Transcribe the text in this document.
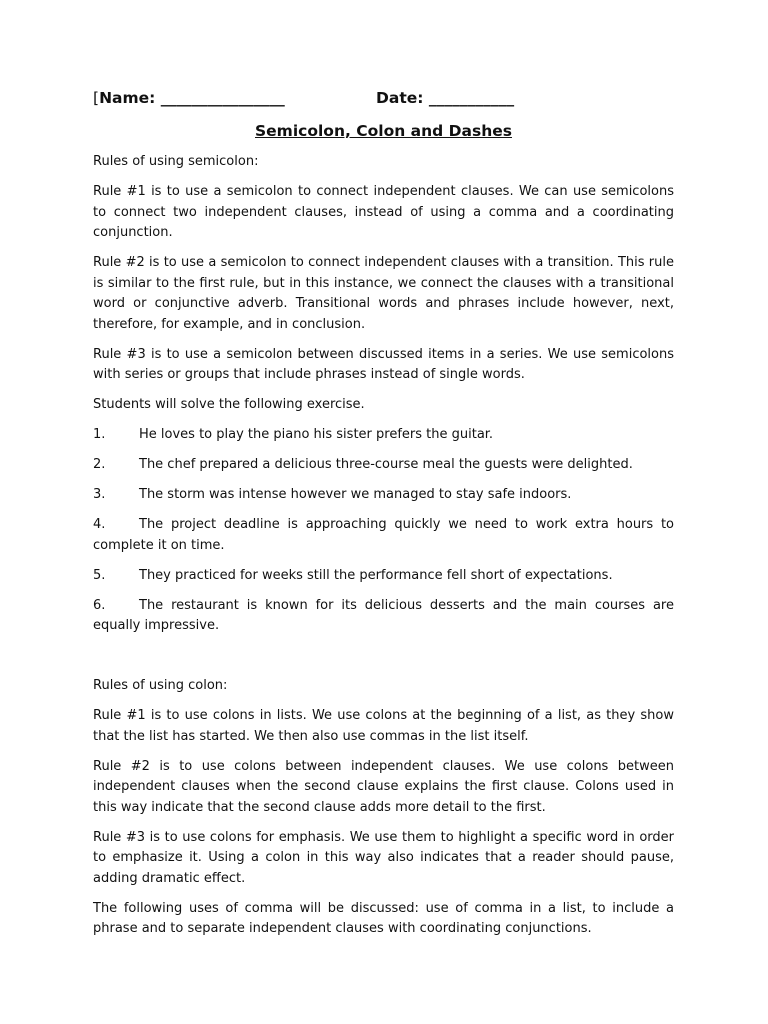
[Name: ________________	Date: ___________
Semicolon, Colon and Dashes

Rules of using semicolon:

Rule #1 is to use a semicolon to connect independent clauses. We can use semicolons to connect two independent clauses, instead of using a comma and a coordinating conjunction.

Rule #2 is to use a semicolon to connect independent clauses with a transition. This rule is similar to the first rule, but in this instance, we connect the clauses with a transitional word or conjunctive adverb. Transitional words and phrases include however, next, therefore, for example, and in conclusion.

Rule #3 is to use a semicolon between discussed items in a series. We use semicolons with series or groups that include phrases instead of single words.

Students will solve the following exercise.

1.	He loves to play the piano his sister prefers the guitar.
2.	The chef prepared a delicious three-course meal the guests were delighted.
3.	The storm was intense however we managed to stay safe indoors.
4.	The project deadline is approaching quickly we need to work extra hours to complete it on time.
5.	They practiced for weeks still the performance fell short of expectations.
6.	The restaurant is known for its delicious desserts and the main courses are equally impressive.

Rules of using colon:

Rule #1 is to use colons in lists. We use colons at the beginning of a list, as they show that the list has started. We then also use commas in the list itself.

Rule #2 is to use colons between independent clauses. We use colons between independent clauses when the second clause explains the first clause. Colons used in this way indicate that the second clause adds more detail to the first.

Rule #3 is to use colons for emphasis. We use them to highlight a specific word in order to emphasize it. Using a colon in this way also indicates that a reader should pause, adding dramatic effect.

The following uses of comma will be discussed: use of comma in a list, to include a phrase and to separate independent clauses with coordinating conjunctions.
